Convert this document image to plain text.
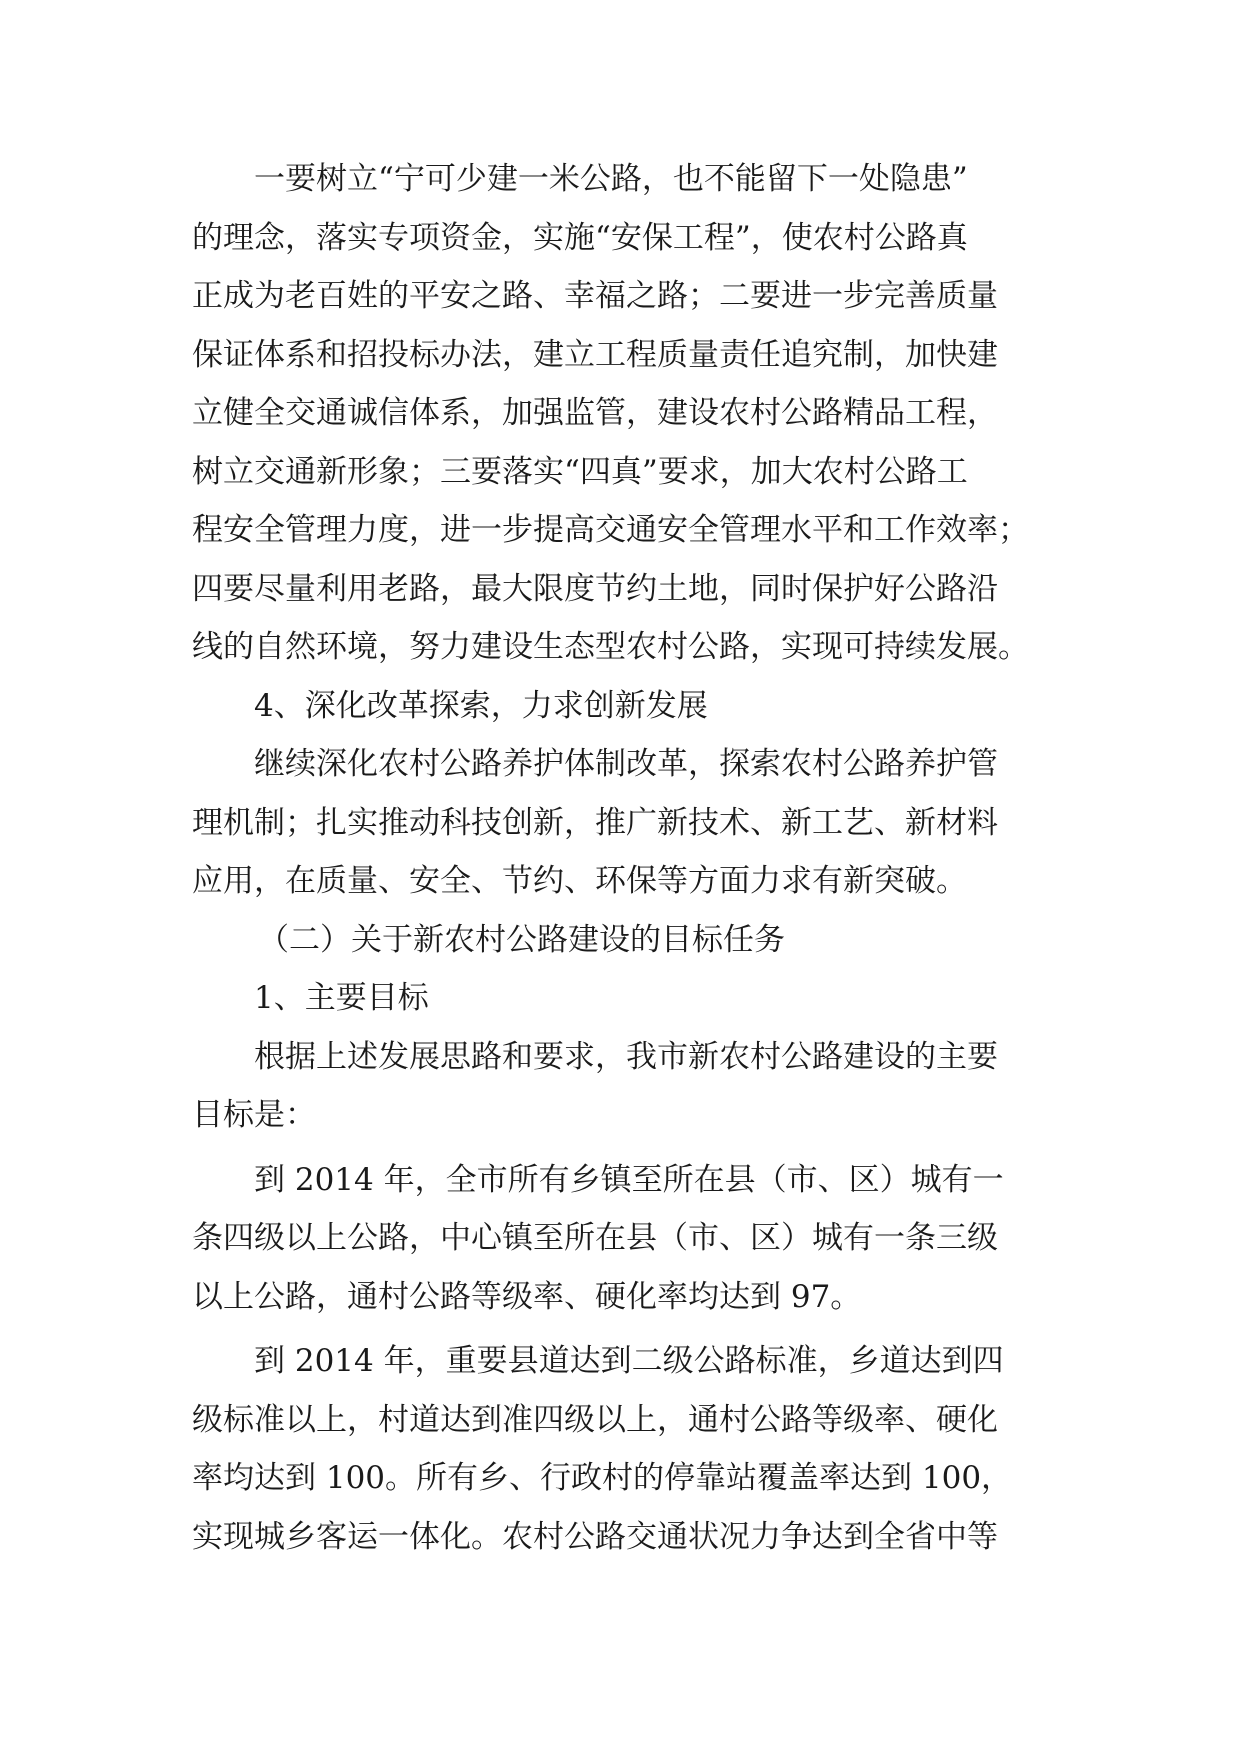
一要树立“宁可少建一米公路，也不能留下一处隐患”
的理念，落实专项资金，实施“安保工程”，使农村公路真
正成为老百姓的平安之路、幸福之路；二要进一步完善质量
保证体系和招投标办法，建立工程质量责任追究制，加快建
立健全交通诚信体系，加强监管，建设农村公路精品工程，
树立交通新形象；三要落实“四真”要求，加大农村公路工
程安全管理力度，进一步提高交通安全管理水平和工作效率；
四要尽量利用老路，最大限度节约土地，同时保护好公路沿
线的自然环境，努力建设生态型农村公路，实现可持续发展。
4、深化改革探索，力求创新发展
继续深化农村公路养护体制改革，探索农村公路养护管
理机制；扎实推动科技创新，推广新技术、新工艺、新材料
应用，在质量、安全、节约、环保等方面力求有新突破。
（二）关于新农村公路建设的目标任务
1、主要目标
根据上述发展思路和要求，我市新农村公路建设的主要
目标是：
到 2014 年，全市所有乡镇至所在县（市、区）城有一
条四级以上公路，中心镇至所在县（市、区）城有一条三级
以上公路，通村公路等级率、硬化率均达到 97。
到 2014 年，重要县道达到二级公路标准，乡道达到四
级标准以上，村道达到准四级以上，通村公路等级率、硬化
率均达到 100。所有乡、行政村的停靠站覆盖率达到 100，
实现城乡客运一体化。农村公路交通状况力争达到全省中等
